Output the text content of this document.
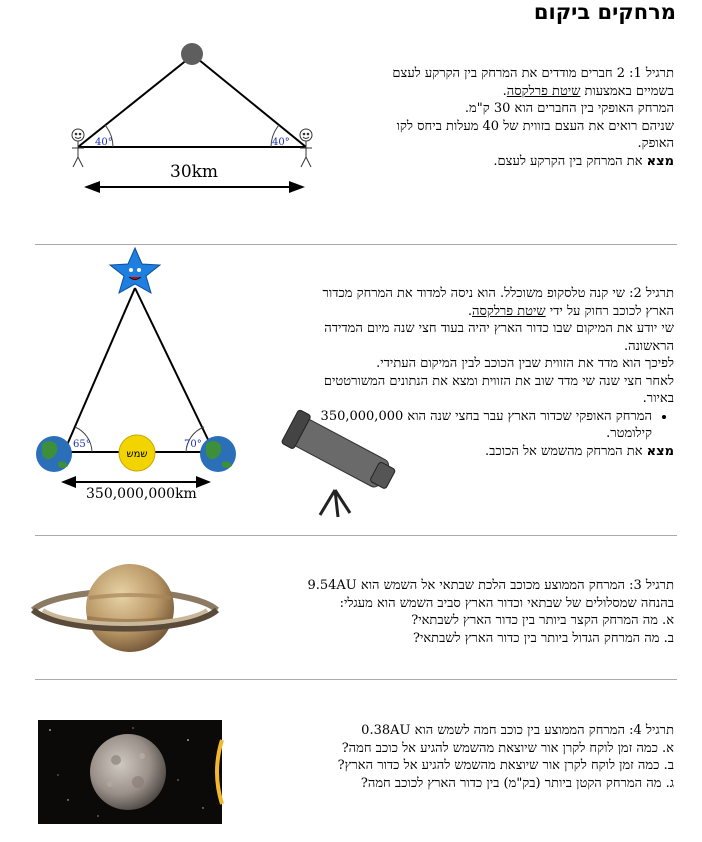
מרחקים ביקום
40°	40°
30km

תרגיל 1: 2 חברים מודדים את המרחק בין הקרקע לעצם

בשמיים באמצעות שיטת פרלקסה.

המרחק האופקי בין החברים הוא 30 ק"מ.

שניהם רואים את העצם בזווית של 40 מעלות ביחס לקו

האופק.

מצא את המרחק בין הקרקע לעצם.

65°	70°
שמש
350,000,000km

תרגיל 2: שי קנה טלסקופ משוכלל. הוא ניסה למדוד את המרחק מכדור

הארץ לכוכב רחוק על ידי שיטת פרלקסה.

שי יודע את המיקום שבו כדור הארץ יהיה בעוד חצי שנה מיום המדידה

הראשונה.

לפיכך הוא מדד את הזווית שבין הכוכב לבין המיקום העתידי.

לאחר חצי שנה שי מדד שוב את הזווית ומצא את הנתונים המשורטטים

באיור.

• המרחק האופקי שכדור הארץ עבר בחצי שנה הוא 350,000,000
קילומטר.

מצא את המרחק מהשמש אל הכוכב.

תרגיל 3: המרחק הממוצע מכוכב הלכת שבתאי אל השמש הוא 9.54AU

בהנחה שמסלולים של שבתאי וכדור הארץ סביב השמש הוא מעגלי:

א. מה המרחק הקצר ביותר בין כדור הארץ לשבתאי?

ב. מה המרחק הגדול ביותר בין כדור הארץ לשבתאי?

תרגיל 4: המרחק הממוצע בין כוכב חמה לשמש הוא 0.38AU

א. כמה זמן לוקח לקרן אור שיוצאת מהשמש להגיע אל כוכב חמה?

ב. כמה זמן לוקח לקרן אור שיוצאת מהשמש להגיע אל כדור הארץ?

ג. מה המרחק הקטן ביותר (בק"מ) בין כדור הארץ לכוכב חמה?
